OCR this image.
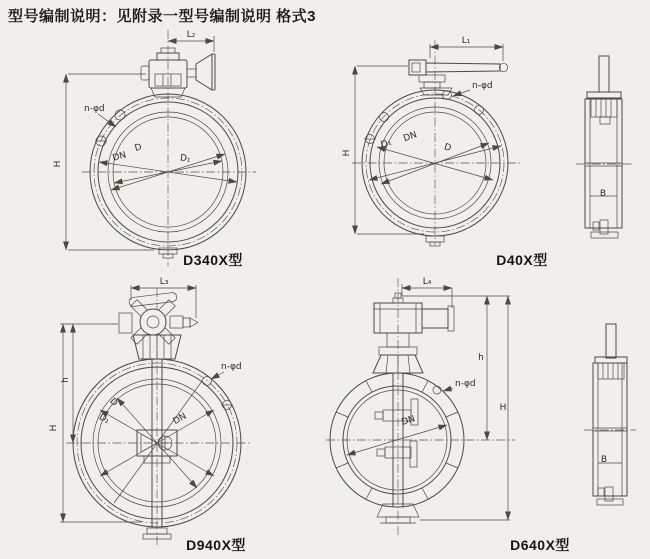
型号编制说明：见附录一型号编制说明 格式3
L₂
H
D
DN	D₁
n-φd
D340X型
L₁
H	D
DN
D₁
n-φd
D40X型
B
L₃
H
h
D
D₁	DN
n-φd
D940X型
L₄
h
H
DN
n-φd
D640X型
B
